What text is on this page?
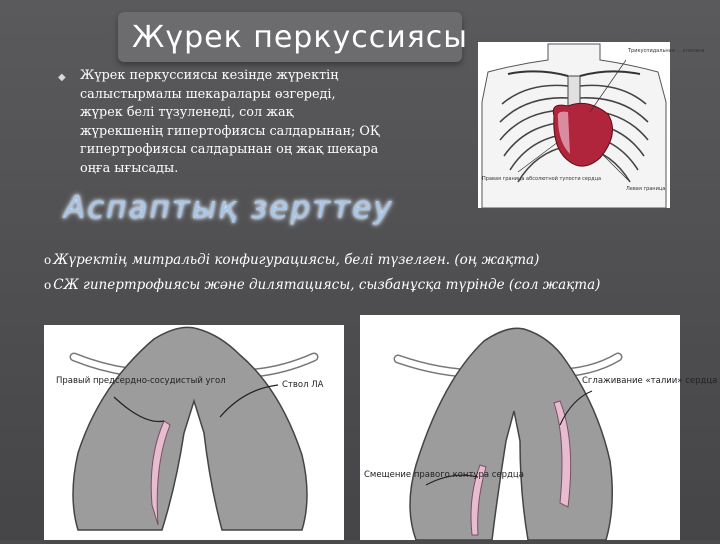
Жүрек перкуссиясы
◆ Жүрек перкуссиясы кезінде жүректің салыстырмалы шекаралары өзгереді, жүрек белі түзуленеді, сол жақ жүрекшенің гипертофиясы салдарынан; ОҚ гипертрофиясы салдарынан оң жақ шекара оңға ығысады.
Трикуспидальная ... клапана
Правая граница абсолютной тупости сердца
Левая граница
Аспаптық зерттеу
o Жүректің митральді конфигурациясы, белі түзелген. (оң жақта)
o СЖ гипертрофиясы және дилятациясы, сызбанұсқа түрінде (сол жақта)
Правый предсердно-сосудистый угол	Ствол ЛА	Сглаживание «талии» сердца
Смещение правого контура сердца
